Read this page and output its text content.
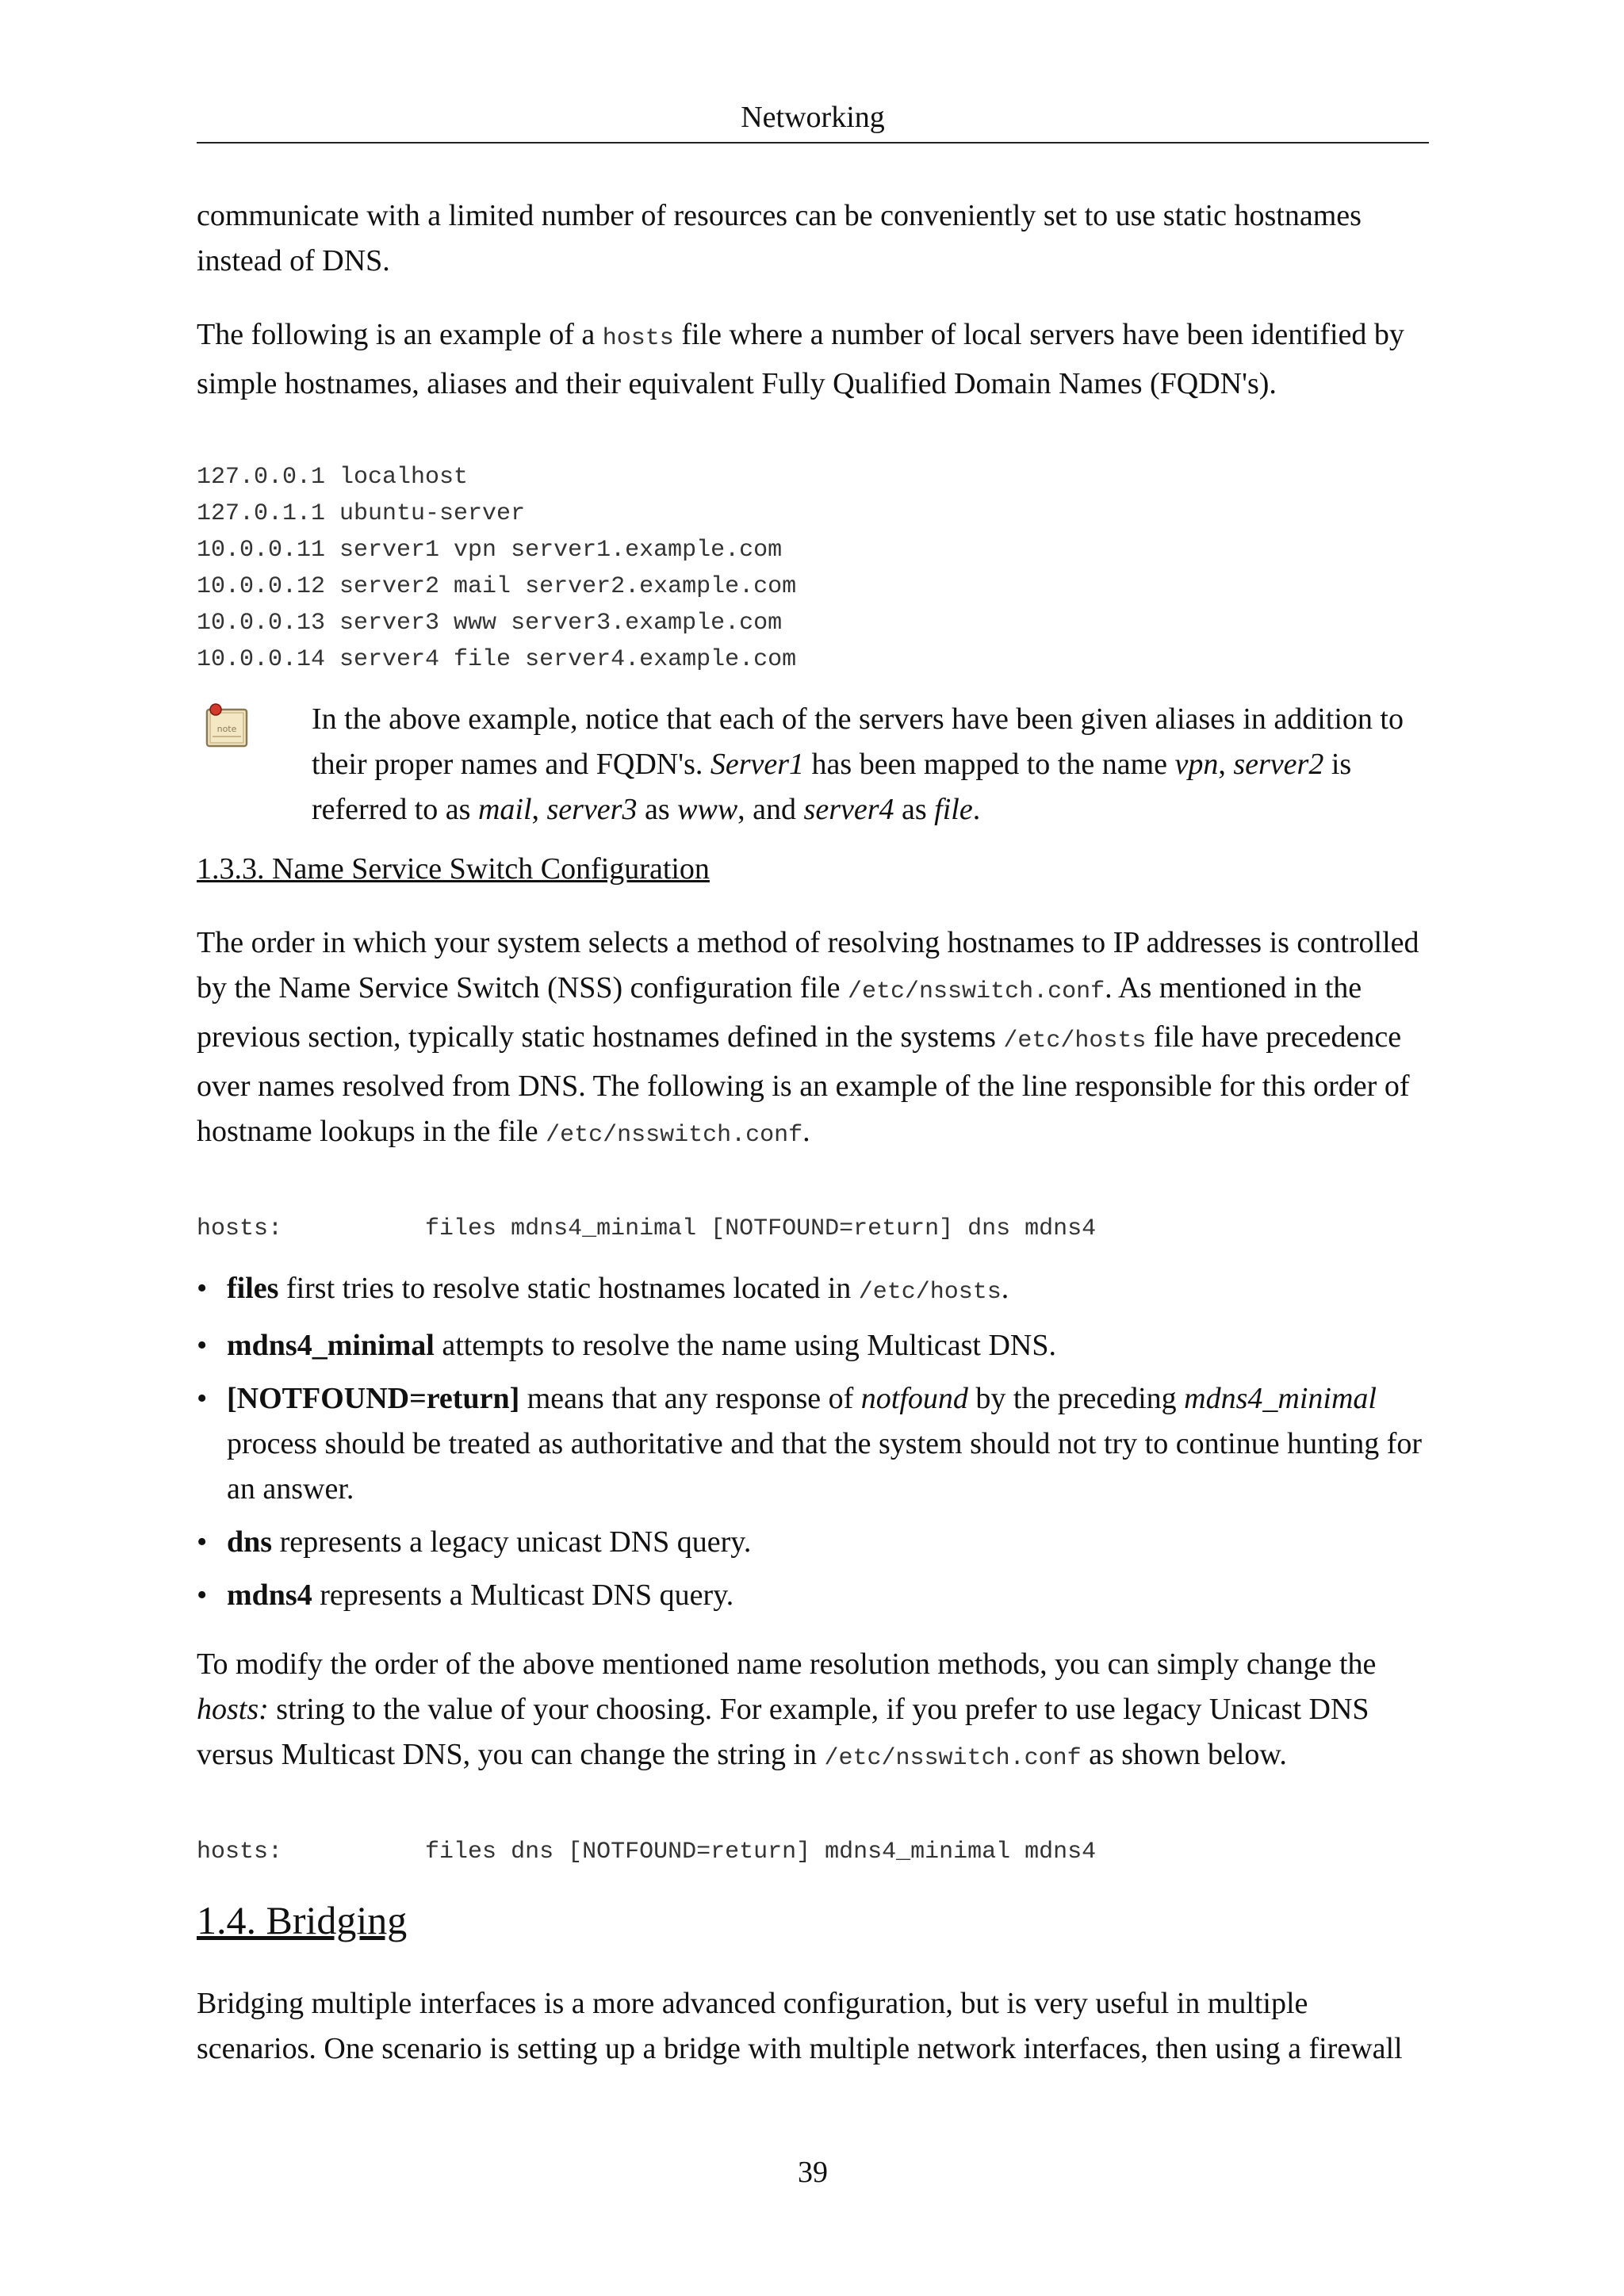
Networking

communicate with a limited number of resources can be conveniently set to use static hostnames instead of DNS.

The following is an example of a hosts file where a number of local servers have been identified by simple hostnames, aliases and their equivalent Fully Qualified Domain Names (FQDN's).

127.0.0.1 localhost
127.0.1.1 ubuntu-server
10.0.0.11 server1 vpn server1.example.com
10.0.0.12 server2 mail server2.example.com
10.0.0.13 server3 www server3.example.com
10.0.0.14 server4 file server4.example.com
note In the above example, notice that each of the servers have been given aliases in addition to their proper names and FQDN's. Server1 has been mapped to the name vpn, server2 is referred to as mail, server3 as www, and server4 as file.
1.3.3. Name Service Switch Configuration

The order in which your system selects a method of resolving hostnames to IP addresses is controlled by the Name Service Switch (NSS) configuration file /etc/nsswitch.conf. As mentioned in the previous section, typically static hostnames defined in the systems /etc/hosts file have precedence over names resolved from DNS. The following is an example of the line responsible for this order of hostname lookups in the file /etc/nsswitch.conf.

hosts:          files mdns4_minimal [NOTFOUND=return] dns mdns4
• files first tries to resolve static hostnames located in /etc/hosts.
• mdns4_minimal attempts to resolve the name using Multicast DNS.
• [NOTFOUND=return] means that any response of notfound by the preceding mdns4_minimal process should be treated as authoritative and that the system should not try to continue hunting for an answer.
• dns represents a legacy unicast DNS query.
• mdns4 represents a Multicast DNS query.

To modify the order of the above mentioned name resolution methods, you can simply change the hosts: string to the value of your choosing. For example, if you prefer to use legacy Unicast DNS versus Multicast DNS, you can change the string in /etc/nsswitch.conf as shown below.

hosts:          files dns [NOTFOUND=return] mdns4_minimal mdns4
1.4. Bridging

Bridging multiple interfaces is a more advanced configuration, but is very useful in multiple scenarios. One scenario is setting up a bridge with multiple network interfaces, then using a firewall

39
